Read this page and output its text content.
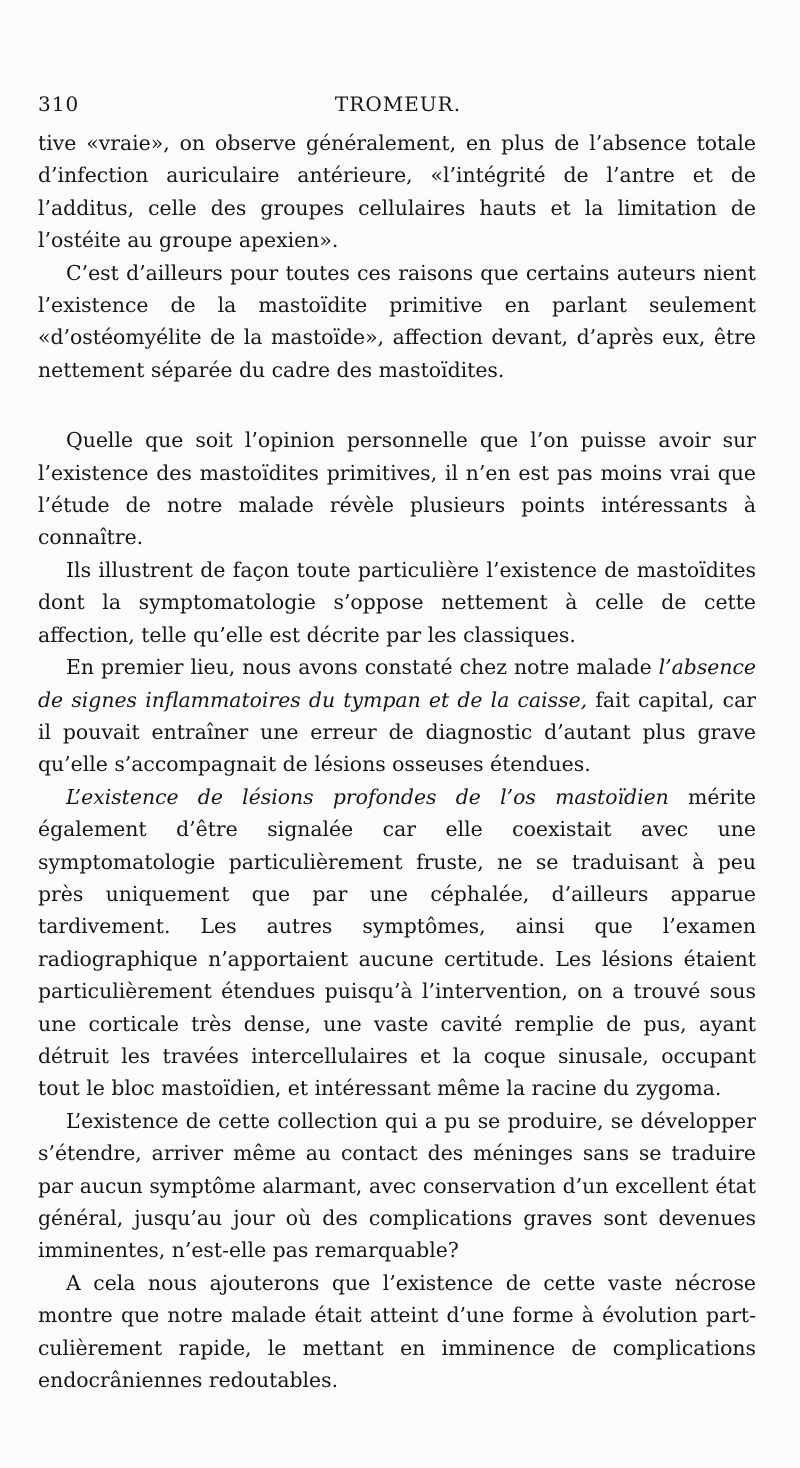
310	TROMEUR.

tive «vraie», on observe généralement, en plus de l’absence totale d’infection auriculaire antérieure, «l’intégrité de l’antre et de l’additus, celle des groupes cellulaires hauts et la limitation de l’ostéite au groupe apexien».

C’est d’ailleurs pour toutes ces raisons que certains auteurs nient l’existence de la mastoïdite primitive en parlant seulement «d’ostéomyélite de la mastoïde», affection devant, d’après eux, être nettement séparée du cadre des mastoïdites.

Quelle que soit l’opinion personnelle que l’on puisse avoir sur l’existence des mastoïdites primitives, il n’en est pas moins vrai que l’étude de notre malade révèle plusieurs points intéressants à connaître.

Ils illustrent de façon toute particulière l’existence de mastoïdites dont la symptomatologie s’oppose nettement à celle de cette affection, telle qu’elle est décrite par les classiques.

En premier lieu, nous avons constaté chez notre malade l’absence de signes inflammatoires du tympan et de la caisse, fait capital, car il pouvait entraîner une erreur de diagnostic d’autant plus grave qu’elle s’accompagnait de lésions osseuses étendues.

L’existence de lésions profondes de l’os mastoïdien mérite également d’être signalée car elle coexistait avec une symptomatologie particulièrement fruste, ne se traduisant à peu près uniquement que par une céphalée, d’ailleurs apparue tardivement. Les autres symptômes, ainsi que l’examen radiographique n’apportaient aucune certitude. Les lésions étaient particulièrement étendues puisqu’à l’intervention, on a trouvé sous une corticale très dense, une vaste cavité remplie de pus, ayant détruit les travées intercellulaires et la coque sinusale, occupant tout le bloc mastoïdien, et intéressant même la racine du zygoma.

L’existence de cette collection qui a pu se produire, se développer s’étendre, arriver même au contact des méninges sans se traduire par aucun symptôme alarmant, avec conservation d’un excellent état général, jusqu’au jour où des complications graves sont devenues imminentes, n’est-elle pas remarquable?

A cela nous ajouterons que l’existence de cette vaste nécrose montre que notre malade était atteint d’une forme à évolution partculièrement rapide, le mettant en imminence de complications endocrâniennes redoutables.
